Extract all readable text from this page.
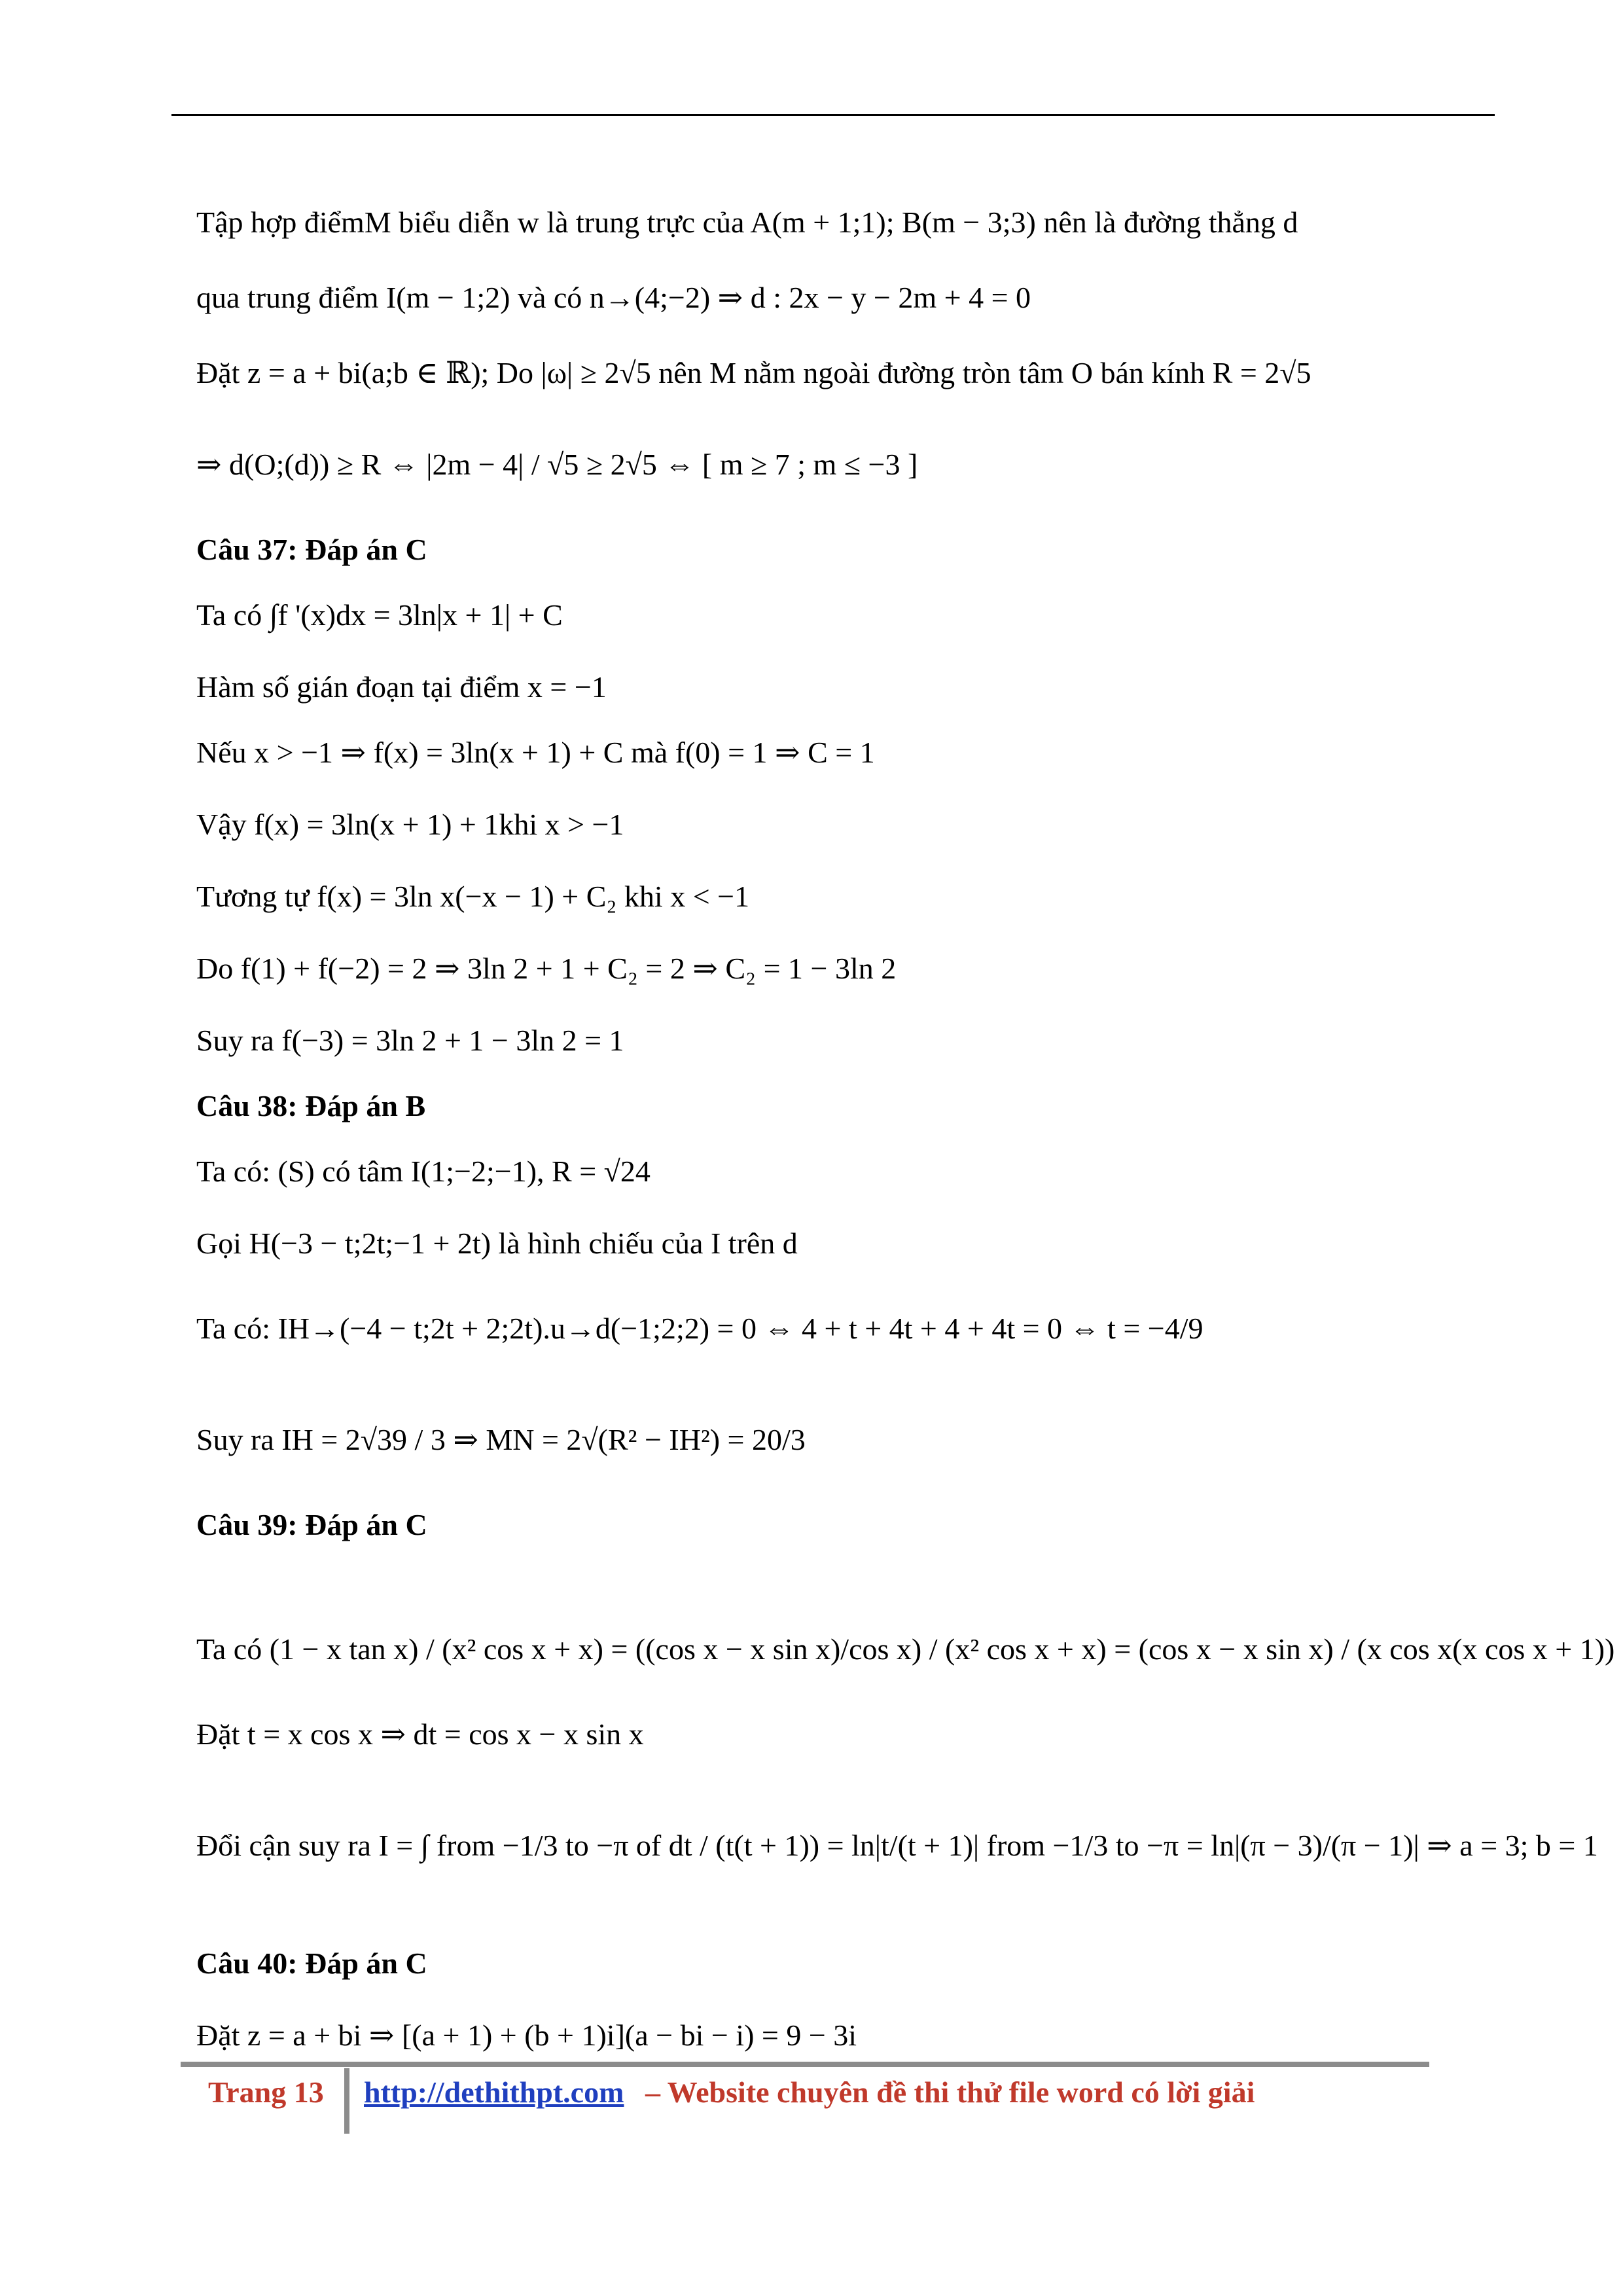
Tập hợp điểmM biểu diễn w là trung trực của A(m + 1;1); B(m − 3;3) nên là đường thẳng d
qua trung điểm I(m − 1;2) và có n→(4;−2) ⇒ d : 2x − y − 2m + 4 = 0
Đặt z = a + bi(a;b ∈ ℝ); Do |ω| ≥ 2√5 nên M nằm ngoài đường tròn tâm O bán kính R = 2√5
⇒ d(O;(d)) ≥ R ⇔ |2m − 4| / √5 ≥ 2√5 ⇔ [ m ≥ 7 ; m ≤ −3 ]
Câu 37: Đáp án C
Ta có ∫f '(x)dx = 3ln|x + 1| + C
Hàm số gián đoạn tại điểm x = −1
Nếu x > −1 ⇒ f(x) = 3ln(x + 1) + C mà f(0) = 1 ⇒ C = 1
Vậy f(x) = 3ln(x + 1) + 1khi x > −1
Tương tự f(x) = 3ln x(−x − 1) + C₂ khi x < −1
Do f(1) + f(−2) = 2 ⇒ 3ln 2 + 1 + C₂ = 2 ⇒ C₂ = 1 − 3ln 2
Suy ra f(−3) = 3ln 2 + 1 − 3ln 2 = 1
Câu 38: Đáp án B
Ta có: (S) có tâm I(1;−2;−1), R = √24
Gọi H(−3 − t;2t;−1 + 2t) là hình chiếu của I trên d
Ta có: IH→(−4 − t;2t + 2;2t).u→d(−1;2;2) = 0 ⇔ 4 + t + 4t + 4 + 4t = 0 ⇔ t = −4/9
Suy ra IH = 2√39 / 3 ⇒ MN = 2√(R² − IH²) = 20/3
Câu 39: Đáp án C
Ta có (1 − x tan x) / (x² cos x + x) = ((cos x − x sin x)/cos x) / (x² cos x + x) = (cos x − x sin x) / (x cos x(x cos x + 1))
Đặt t = x cos x ⇒ dt = cos x − x sin x
Đổi cận suy ra I = ∫ from −1/3 to −π of dt / (t(t + 1)) = ln|t/(t + 1)| from −1/3 to −π = ln|(π − 3)/(π − 1)| ⇒ a = 3; b = 1
Câu 40: Đáp án C
Đặt z = a + bi ⇒ [(a + 1) + (b + 1)i](a − bi − i) = 9 − 3i
Trang 13 http://dethithpt.com – Website chuyên đề thi thử file word có lời giải
